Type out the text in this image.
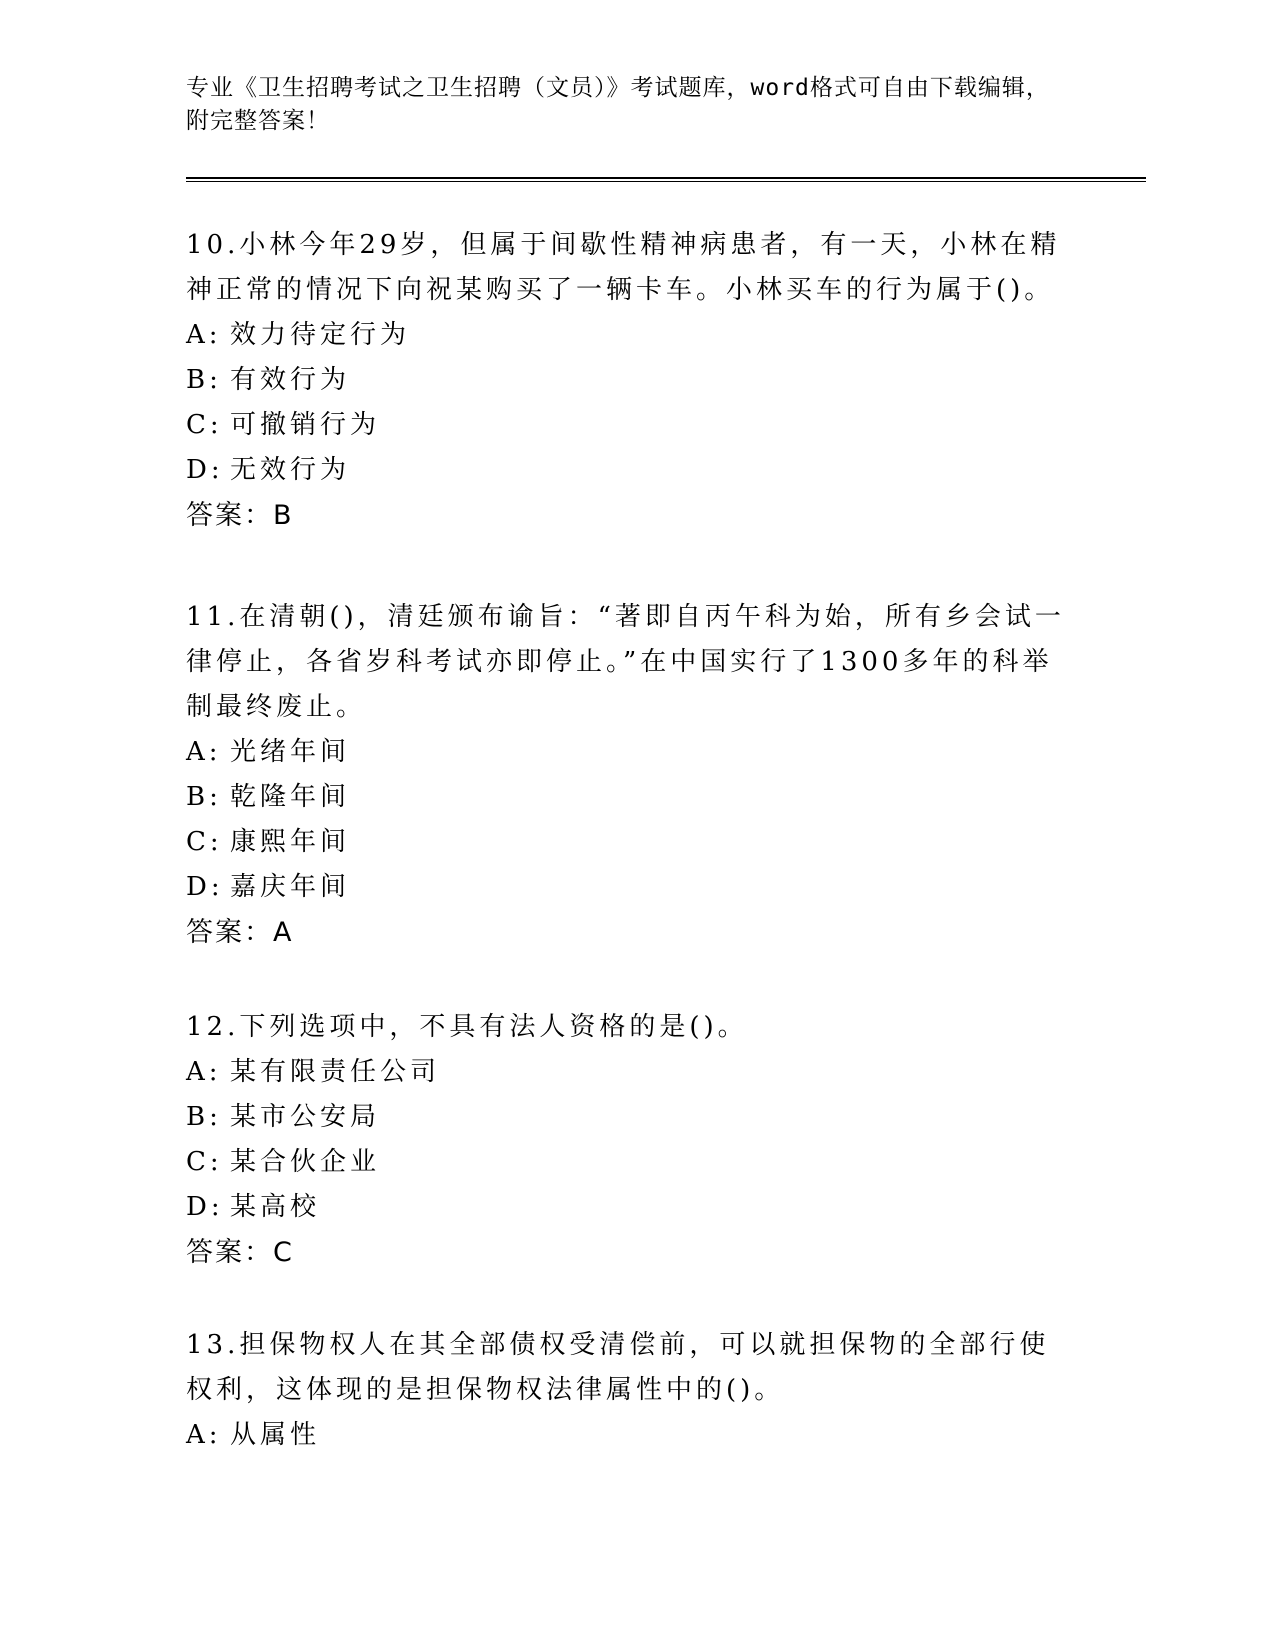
专业《卫生招聘考试之卫生招聘（文员）》考试题库，word格式可自由下载编辑，附完整答案！

10.小林今年29岁，但属于间歇性精神病患者，有一天，小林在精神正常的情况下向祝某购买了一辆卡车。小林买车的行为属于()。

A: 效力待定行为

B: 有效行为

C: 可撤销行为

D: 无效行为

答案：B

11.在清朝()，清廷颁布谕旨：“著即自丙午科为始，所有乡会试一律停止，各省岁科考试亦即停止。”在中国实行了1300多年的科举制最终废止。

A: 光绪年间

B: 乾隆年间

C: 康熙年间

D: 嘉庆年间

答案：A

12.下列选项中，不具有法人资格的是()。

A: 某有限责任公司

B: 某市公安局

C: 某合伙企业

D: 某高校

答案：C

13.担保物权人在其全部债权受清偿前，可以就担保物的全部行使权利，这体现的是担保物权法律属性中的()。

A: 从属性
